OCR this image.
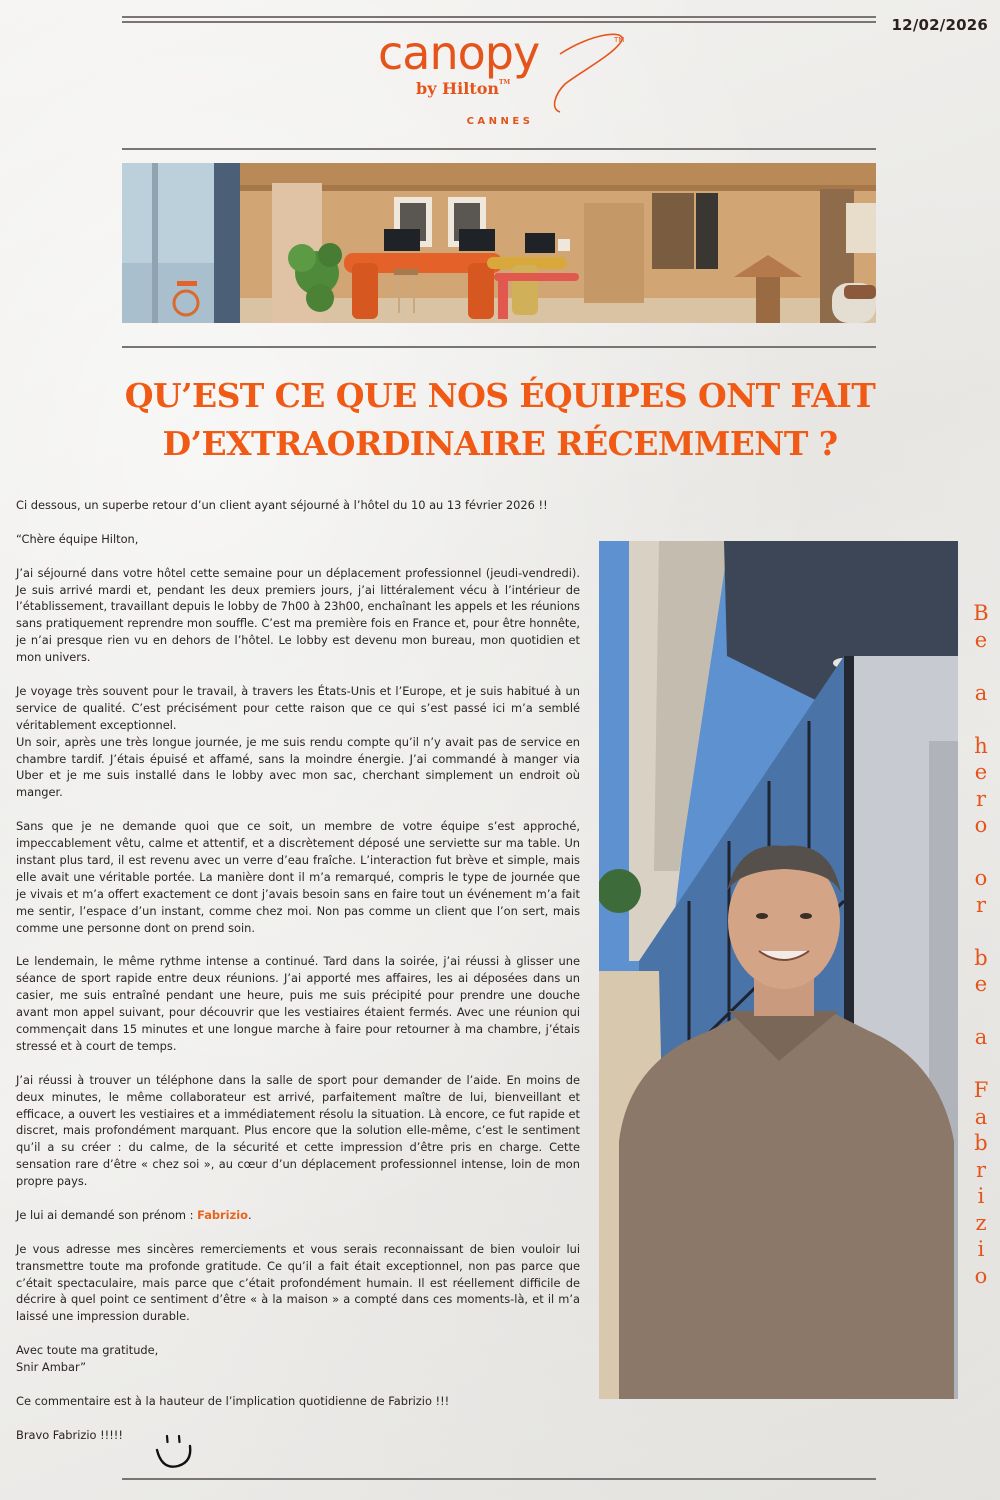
12/02/2026
canopy	TM
by Hilton™
CANNES
QU’EST CE QUE NOS ÉQUIPES ONT FAIT
D’EXTRAORDINAIRE RÉCEMMENT ?

Ci dessous, un superbe retour d’un client ayant séjourné à l’hôtel du 10 au 13 février 2026 !!

“Chère équipe Hilton,

J’ai séjourné dans votre hôtel cette semaine pour un déplacement professionnel (jeudi-vendredi). Je suis arrivé mardi et, pendant les deux premiers jours, j’ai littéralement vécu à l’intérieur de l’établissement, travaillant depuis le lobby de 7h00 à 23h00, enchaînant les appels et les réunions sans pratiquement reprendre mon souffle. C’est ma première fois en France et, pour être honnête, je n’ai presque rien vu en dehors de l’hôtel. Le lobby est devenu mon bureau, mon quotidien et mon univers.

Je voyage très souvent pour le travail, à travers les États-Unis et l’Europe, et je suis habitué à un service de qualité. C’est précisément pour cette raison que ce qui s’est passé ici m’a semblé véritablement exceptionnel.

Un soir, après une très longue journée, je me suis rendu compte qu’il n’y avait pas de service en chambre tardif. J’étais épuisé et affamé, sans la moindre énergie. J’ai commandé à manger via Uber et je me suis installé dans le lobby avec mon sac, cherchant simplement un endroit où manger.

Sans que je ne demande quoi que ce soit, un membre de votre équipe s’est approché, impeccablement vêtu, calme et attentif, et a discrètement déposé une serviette sur ma table. Un instant plus tard, il est revenu avec un verre d’eau fraîche. L’interaction fut brève et simple, mais elle avait une véritable portée. La manière dont il m’a remarqué, compris le type de journée que je vivais et m’a offert exactement ce dont j’avais besoin sans en faire tout un événement m’a fait me sentir, l’espace d’un instant, comme chez moi. Non pas comme un client que l’on sert, mais comme une personne dont on prend soin.

Le lendemain, le même rythme intense a continué. Tard dans la soirée, j’ai réussi à glisser une séance de sport rapide entre deux réunions. J’ai apporté mes affaires, les ai déposées dans un casier, me suis entraîné pendant une heure, puis me suis précipité pour prendre une douche avant mon appel suivant, pour découvrir que les vestiaires étaient fermés. Avec une réunion qui commençait dans 15 minutes et une longue marche à faire pour retourner à ma chambre, j’étais stressé et à court de temps.

J’ai réussi à trouver un téléphone dans la salle de sport pour demander de l’aide. En moins de deux minutes, le même collaborateur est arrivé, parfaitement maître de lui, bienveillant et efficace, a ouvert les vestiaires et a immédiatement résolu la situation. Là encore, ce fut rapide et discret, mais profondément marquant. Plus encore que la solution elle-même, c’est le sentiment qu’il a su créer : du calme, de la sécurité et cette impression d’être pris en charge. Cette sensation rare d’être « chez soi », au cœur d’un déplacement professionnel intense, loin de mon propre pays.

Je lui ai demandé son prénom : Fabrizio.

Je vous adresse mes sincères remerciements et vous serais reconnaissant de bien vouloir lui transmettre toute ma profonde gratitude. Ce qu’il a fait était exceptionnel, non pas parce que c’était spectaculaire, mais parce que c’était profondément humain. Il est réellement difficile de décrire à quel point ce sentiment d’être « à la maison » a compté dans ces moments-là, et il m’a laissé une impression durable.

Avec toute ma gratitude,

Snir Ambar”

Ce commentaire est à la hauteur de l’implication quotidienne de Fabrizio !!!

Bravo Fabrizio !!!!!

B
e
a
h
e
r
o
o
r
b
e
a
F
a
b
r
i
z
i
o
